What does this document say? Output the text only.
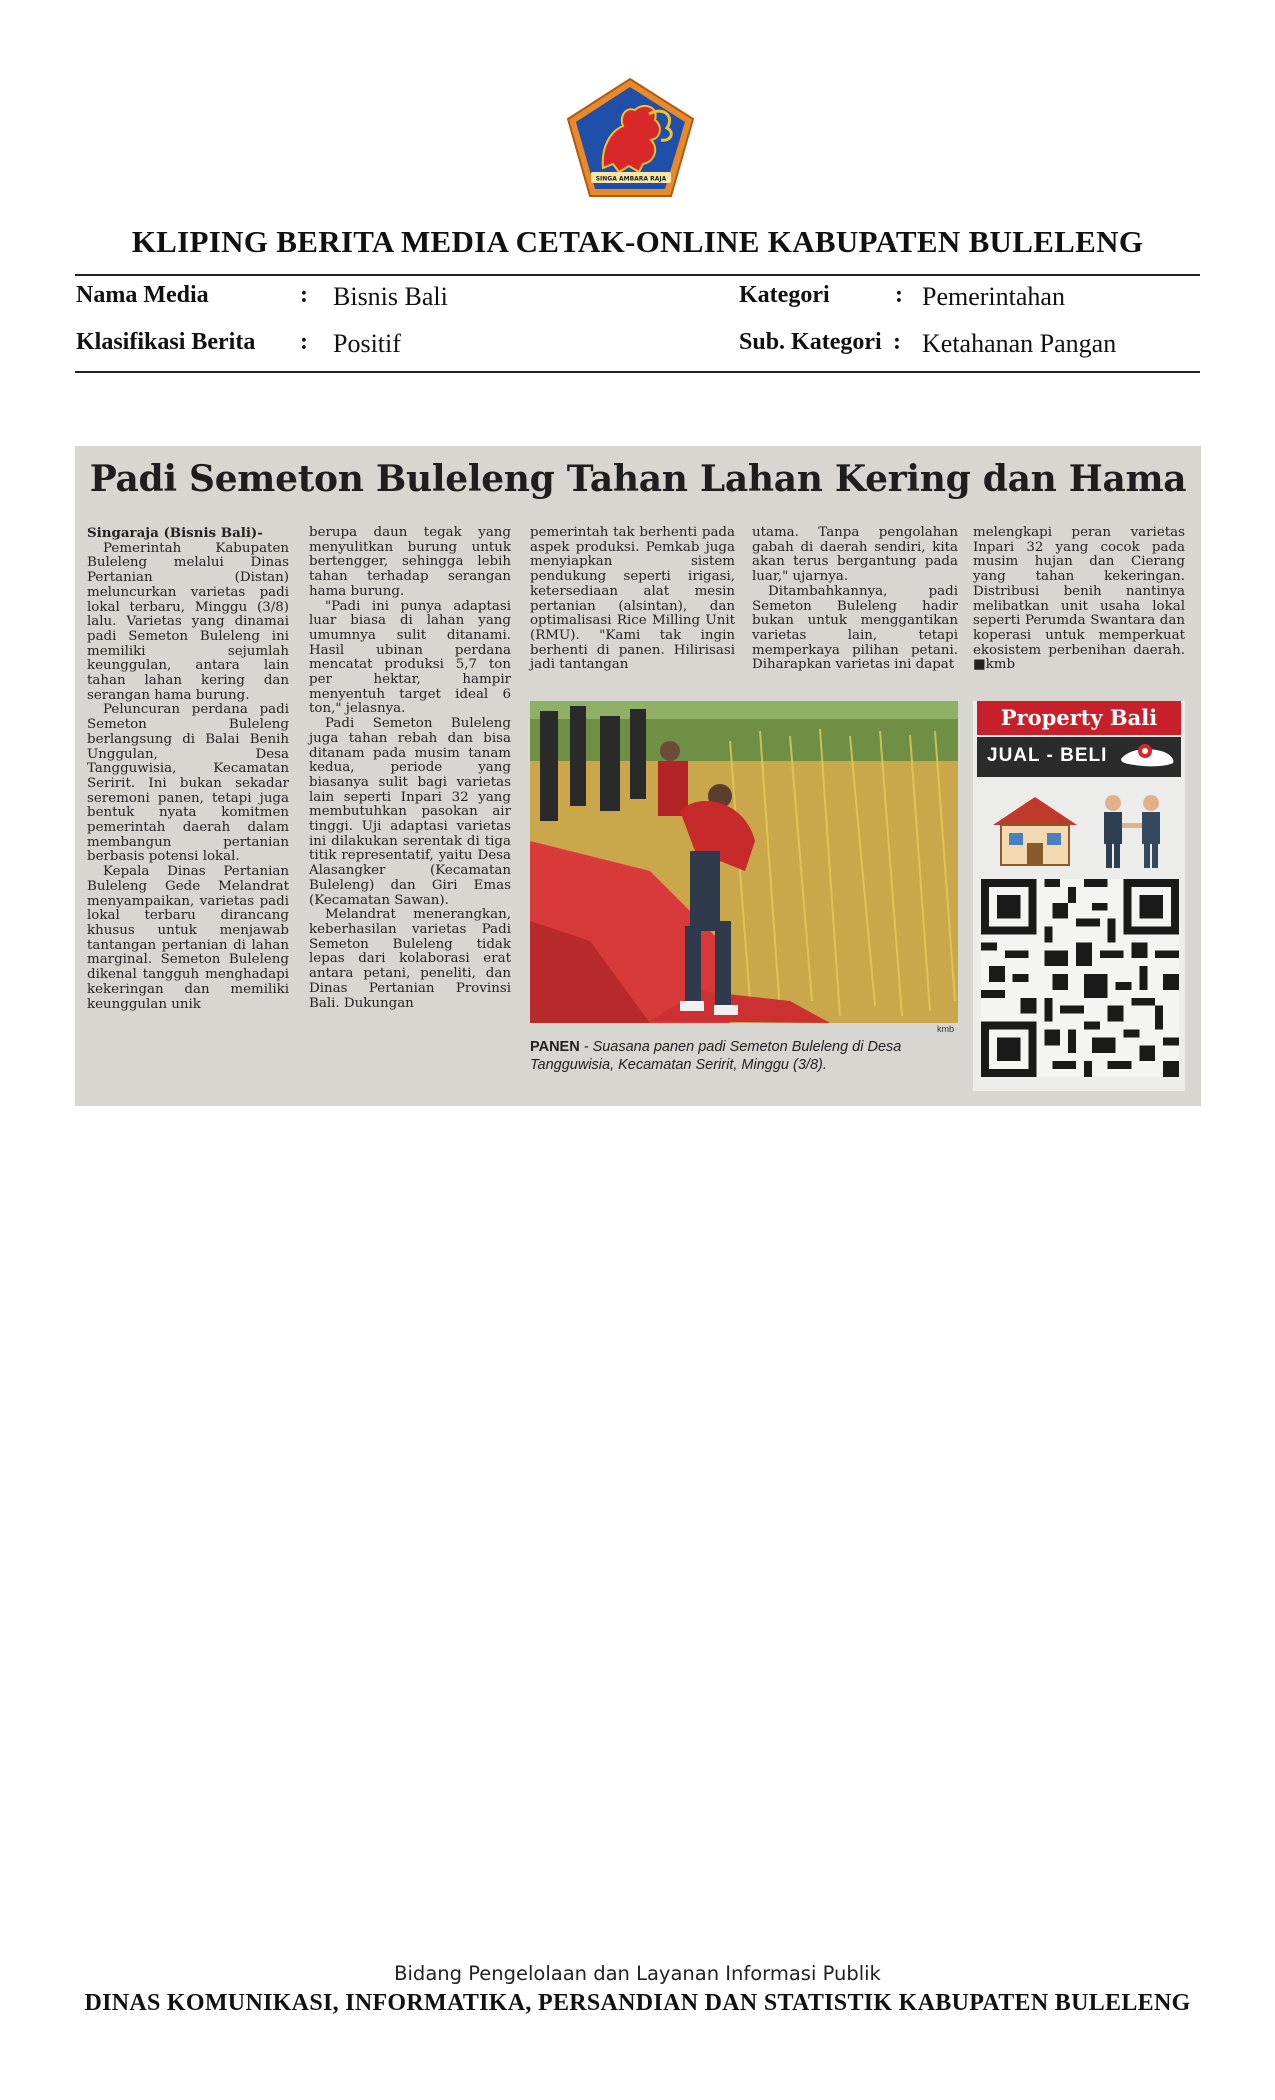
SINGA AMBARA RAJA
KLIPING BERITA MEDIA CETAK-ONLINE KABUPATEN BULELENG
Nama Media	: Bisnis Bali
Klasifikasi Berita : Positif
Kategori	: Pemerintahan
Sub. Kategori : Ketahanan Pangan
Padi Semeton Buleleng Tahan Lahan Kering dan Hama

Singaraja (Bisnis Bali)-

Pemerintah Kabupaten Buleleng melalui Dinas Pertanian (Distan) meluncurkan varietas padi lokal terbaru, Minggu (3/8) lalu. Varietas yang dinamai padi Semeton Buleleng ini memiliki sejumlah keunggulan, antara lain tahan lahan kering dan serangan hama burung.

Peluncuran perdana padi Semeton Buleleng berlangsung di Balai Benih Unggulan, Desa Tangguwisia, Kecamatan Seririt. Ini bukan sekadar seremoni panen, tetapi juga bentuk nyata komitmen pemerintah daerah dalam membangun pertanian berbasis potensi lokal.

Kepala Dinas Pertanian Buleleng Gede Melandrat menyampaikan, varietas padi lokal terbaru dirancang khusus untuk menjawab tantangan pertanian di lahan marginal. Semeton Buleleng dikenal tangguh menghadapi kekeringan dan memiliki keunggulan unik

berupa daun tegak yang menyulitkan burung untuk bertengger, sehingga lebih tahan terhadap serangan hama burung.

"Padi ini punya adaptasi luar biasa di lahan yang umumnya sulit ditanami. Hasil ubinan perdana mencatat produksi 5,7 ton per hektar, hampir menyentuh target ideal 6 ton," jelasnya.

Padi Semeton Buleleng juga tahan rebah dan bisa ditanam pada musim tanam kedua, periode yang biasanya sulit bagi varietas lain seperti Inpari 32 yang membutuhkan pasokan air tinggi. Uji adaptasi varietas ini dilakukan serentak di tiga titik representatif, yaitu Desa Alasangker (Kecamatan Buleleng) dan Giri Emas (Kecamatan Sawan).

Melandrat menerangkan, keberhasilan varietas Padi Semeton Buleleng tidak lepas dari kolaborasi erat antara petani, peneliti, dan Dinas Pertanian Provinsi Bali. Dukungan

pemerintah tak berhenti pada aspek produksi. Pemkab juga menyiapkan sistem pendukung seperti irigasi, ketersediaan alat mesin pertanian (alsintan), dan optimalisasi Rice Milling Unit (RMU). "Kami tak ingin berhenti di panen. Hilirisasi jadi tantangan

utama. Tanpa pengolahan gabah di daerah sendiri, kita akan terus bergantung pada luar," ujarnya.

Ditambahkannya, padi Semeton Buleleng hadir bukan untuk menggantikan varietas lain, tetapi memperkaya pilihan petani. Diharapkan varietas ini dapat

melengkapi peran varietas Inpari 32 yang cocok pada musim hujan dan Cierang yang tahan kekeringan. Distribusi benih nantinya melibatkan unit usaha lokal seperti Perumda Swantara dan koperasi untuk memperkuat ekosistem perbenihan daerah. ■kmb

kmb
PANEN - Suasana panen padi Semeton Buleleng di Desa Tangguwisia, Kecamatan Seririt, Minggu (3/8).
Property Bali
JUAL - BELI
Bidang Pengelolaan dan Layanan Informasi Publik
DINAS KOMUNIKASI, INFORMATIKA, PERSANDIAN DAN STATISTIK KABUPATEN BULELENG
